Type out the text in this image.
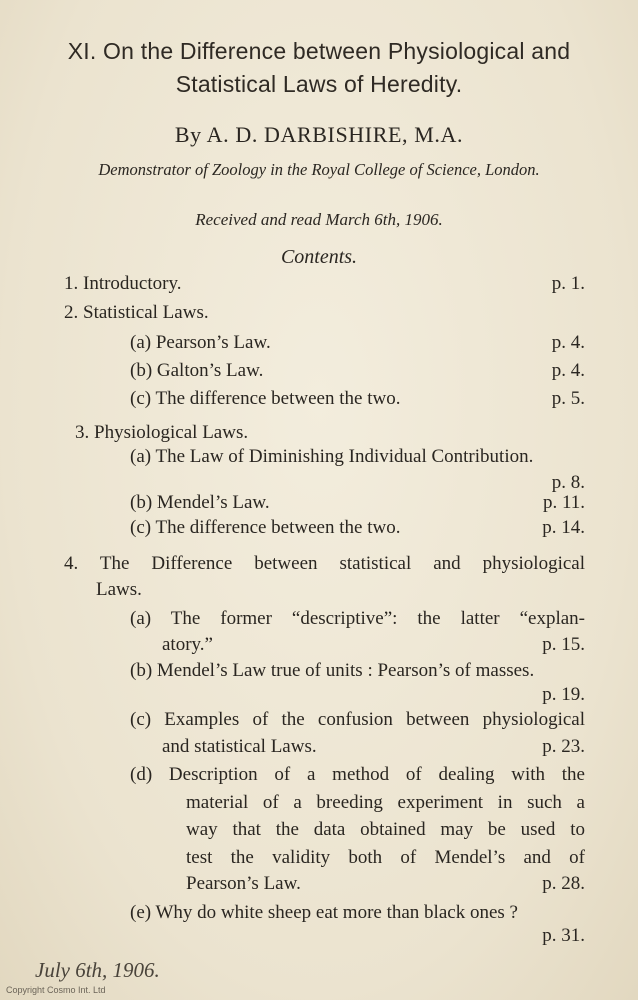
XI. On the Difference between Physiological and
Statistical Laws of Heredity.
By A. D. DARBISHIRE, M.A.
Demonstrator of Zoology in the Royal College of Science, London.
Received and read March 6th, 1906.
Contents.
1. Introductory.	p. 1.
2. Statistical Laws.
(a) Pearson’s Law.	p. 4.
(b) Galton’s Law.	p. 4.
(c) The difference between the two.	p. 5.
3. Physiological Laws.
(a) The Law of Diminishing Individual Contribution.
p. 8.
(b) Mendel’s Law.	p. 11.
(c) The difference between the two.	p. 14.
4. The Difference between statistical and physiological
Laws.
(a) The former “descriptive”: the latter “explan-
atory.”	p. 15.
(b) Mendel’s Law true of units : Pearson’s of masses.
p. 19.
(c) Examples of the confusion between physiological
and statistical Laws.	p. 23.
(d) Description of a method of dealing with the
material of a breeding experiment in such a
way that the data obtained may be used to
test the validity both of Mendel’s and of
Pearson’s Law.	p. 28.
(e) Why do white sheep eat more than black ones ?
p. 31.
July 6th, 1906.
Copyright Cosmo Int. Ltd
